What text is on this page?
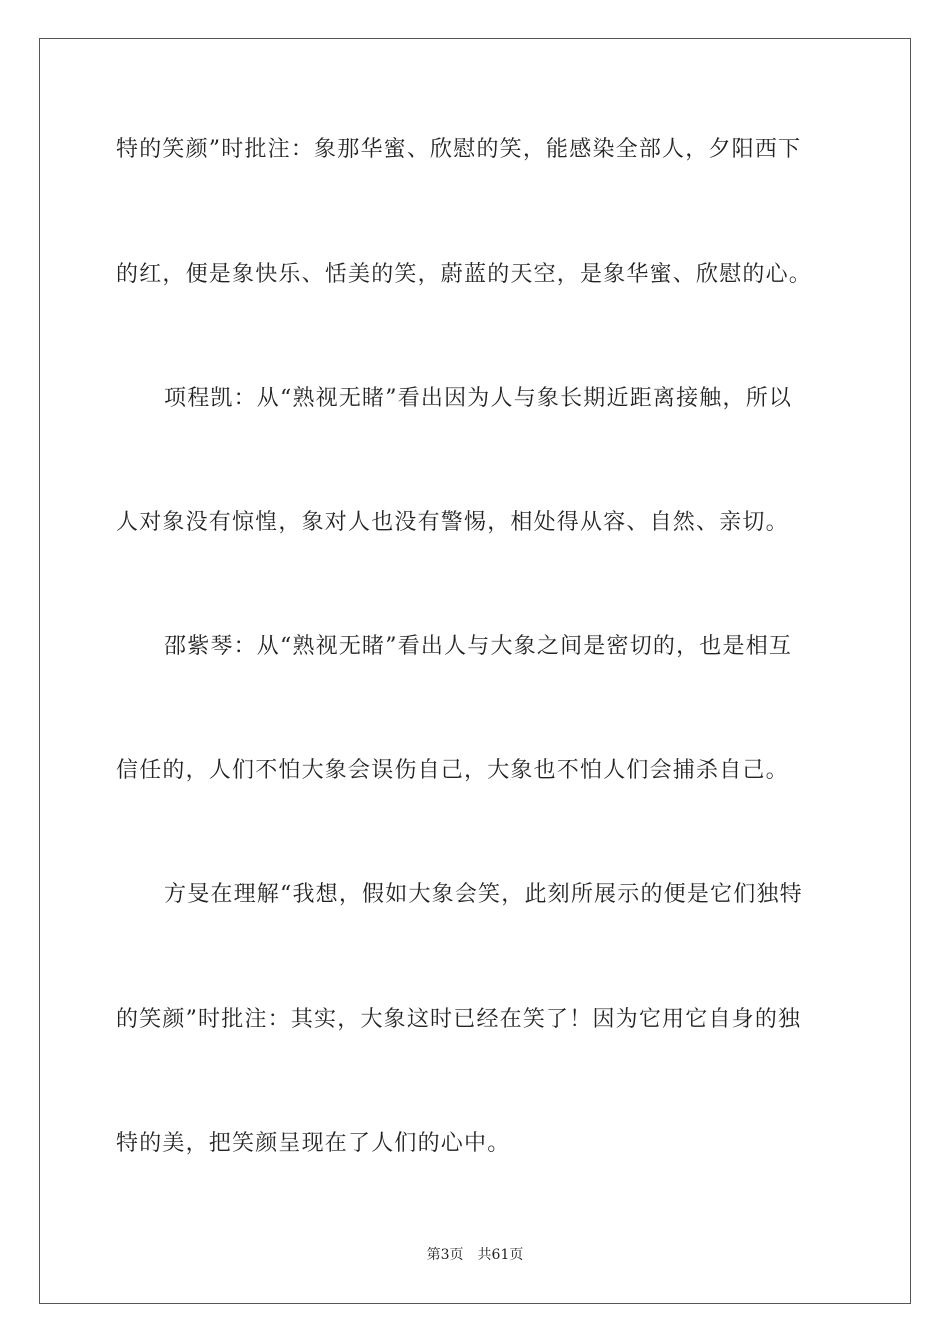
特的笑颜”时批注：象那华蜜、欣慰的笑，能感染全部人，夕阳西下
的红，便是象快乐、恬美的笑，蔚蓝的天空，是象华蜜、欣慰的心。
项程凯：从“熟视无睹”看出因为人与象长期近距离接触，所以
人对象没有惊惶，象对人也没有警惕，相处得从容、自然、亲切。
邵紫琴：从“熟视无睹”看出人与大象之间是密切的，也是相互
信任的，人们不怕大象会误伤自己，大象也不怕人们会捕杀自己。
方旻在理解“我想，假如大象会笑，此刻所展示的便是它们独特
的笑颜”时批注：其实，大象这时已经在笑了！因为它用它自身的独
特的美，把笑颜呈现在了人们的心中。
第3页 共61页
